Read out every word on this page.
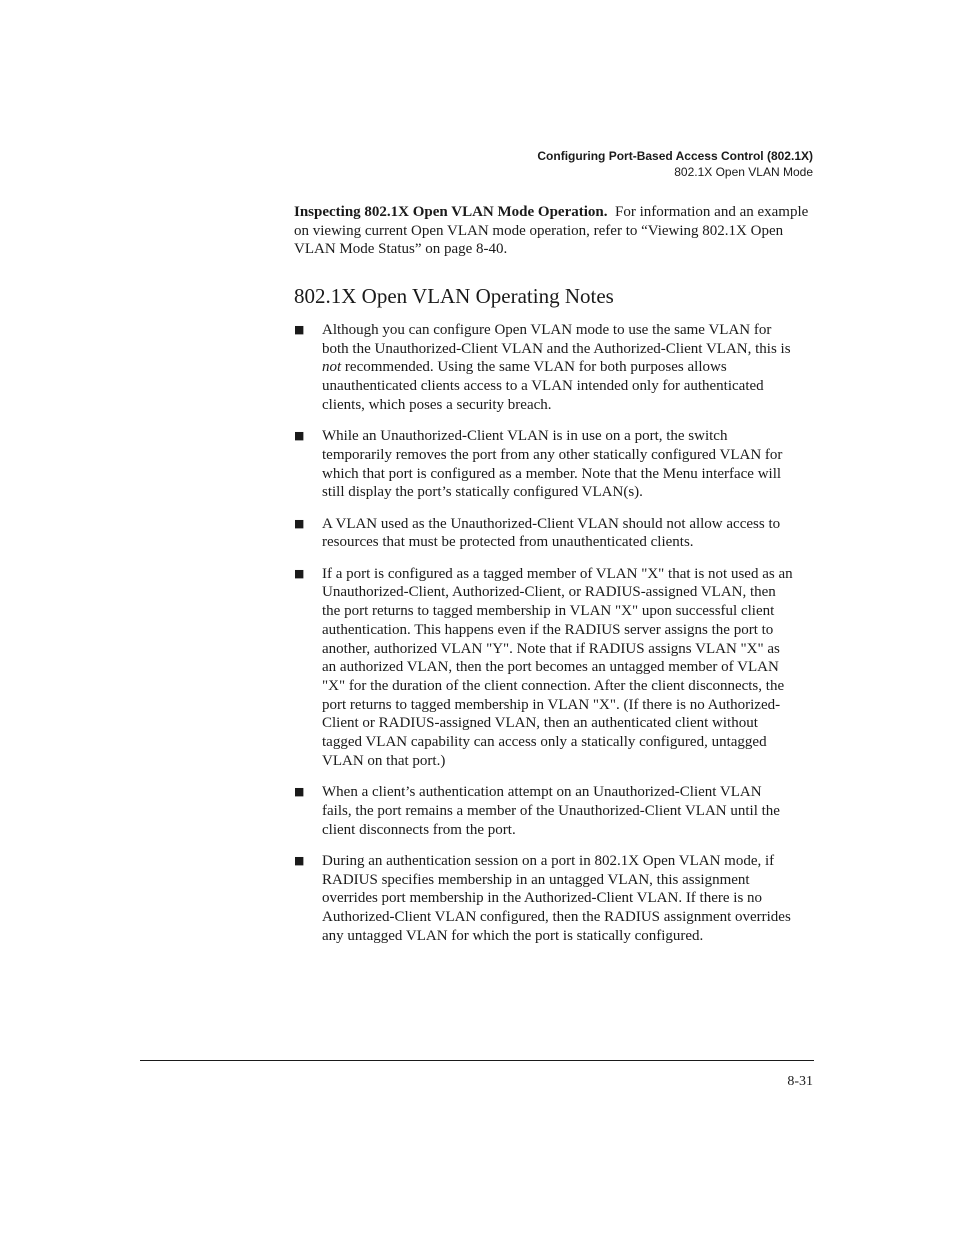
Configuring Port-Based Access Control (802.1X)
802.1X Open VLAN Mode

Inspecting 802.1X Open VLAN Mode Operation. For information and an example on viewing current Open VLAN mode operation, refer to “Viewing 802.1X Open VLAN Mode Status” on page 8-40.

802.1X Open VLAN Operating Notes
■ Although you can configure Open VLAN mode to use the same VLAN for both the Unauthorized-Client VLAN and the Authorized-Client VLAN, this is not recommended. Using the same VLAN for both purposes allows unauthenticated clients access to a VLAN intended only for authenticated clients, which poses a security breach.
■ While an Unauthorized-Client VLAN is in use on a port, the switch temporarily removes the port from any other statically configured VLAN for which that port is configured as a member. Note that the Menu interface will still display the port’s statically configured VLAN(s).
■ A VLAN used as the Unauthorized-Client VLAN should not allow access to resources that must be protected from unauthenticated clients.
■ If a port is configured as a tagged member of VLAN "X" that is not used as an Unauthorized-Client, Authorized-Client, or RADIUS-assigned VLAN, then the port returns to tagged membership in VLAN "X" upon successful client authentication. This happens even if the RADIUS server assigns the port to another, authorized VLAN "Y". Note that if RADIUS assigns VLAN "X" as an authorized VLAN, then the port becomes an untagged member of VLAN "X" for the duration of the client connection. After the client disconnects, the port returns to tagged membership in VLAN "X". (If there is no Authorized-Client or RADIUS-assigned VLAN, then an authenticated client without tagged VLAN capability can access only a statically configured, untagged VLAN on that port.)
■ When a client’s authentication attempt on an Unauthorized-Client VLAN fails, the port remains a member of the Unauthorized-Client VLAN until the client disconnects from the port.
■ During an authentication session on a port in 802.1X Open VLAN mode, if RADIUS specifies membership in an untagged VLAN, this assignment overrides port membership in the Authorized-Client VLAN. If there is no Authorized-Client VLAN configured, then the RADIUS assignment overrides any untagged VLAN for which the port is statically configured.
8-31
